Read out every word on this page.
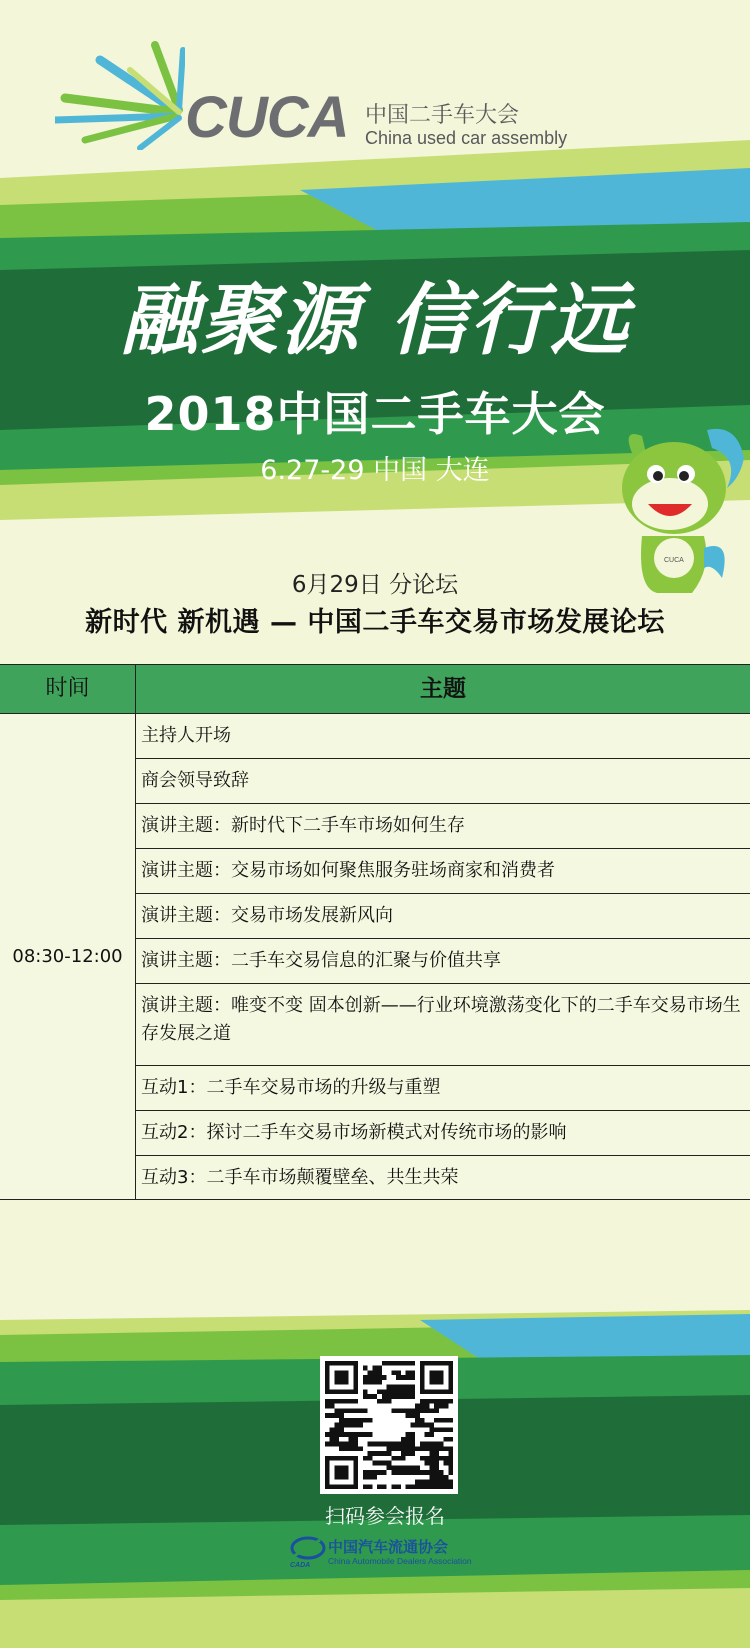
CUCA 中国二手车大会
China used car assembly
融聚源 信行远
2018中国二手车大会
6.27-29 中国 大连
CUCA
6月29日 分论坛
新时代 新机遇 — 中国二手车交易市场发展论坛
时间	主题
08:30-12:00
主持人开场
商会领导致辞
演讲主题：新时代下二手车市场如何生存
演讲主题：交易市场如何聚焦服务驻场商家和消费者
演讲主题：交易市场发展新风向
演讲主题：二手车交易信息的汇聚与价值共享
演讲主题：唯变不变 固本创新——行业环境激荡变化下的二手车交易市场生存发展之道
互动1：二手车交易市场的升级与重塑
互动2：探讨二手车交易市场新模式对传统市场的影响
互动3：二手车市场颠覆壁垒、共生共荣
扫码参会报名
CADA
中国汽车流通协会
China Automobile Dealers Association
